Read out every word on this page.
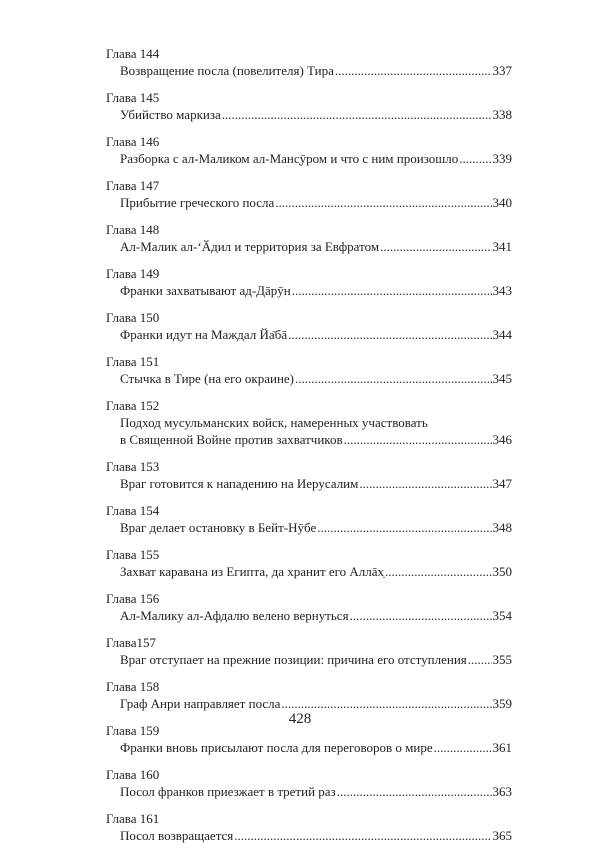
Глава 144
Возвращение посла (повелителя) Тира .....	337
Глава 145
Убийство маркиза .....	338
Глава 146
Разборка с ал-Маликом ал-Манс̣ӯром и что с ним произошло .....	339
Глава 147
Прибытие греческого посла .....	340
Глава 148
Ал-Малик ал-‘Ӑдил и территория за Евфратом .....	341
Глава 149
Франки захватывают ад-Дāрӯн .....	343
Глава 150
Франки идут на Маждал Йа̄бā .....	344
Глава 151
Стычка в Тире (на его окраине) .....	345
Глава 152
Подход мусульманских войск, намеренных участвовать
в Священной Войне против захватчиков .....	346
Глава 153
Враг готовится к нападению на Иерусалим .....	347
Глава 154
Враг делает остановку в Бейт-Нӯбе .....	348
Глава 155
Захват каравана из Египта, да хранит его Аллāх̣ .....	350
Глава 156
Ал-Малику ал-Афдалю велено вернуться .....	354
Глава157
Враг отступает на прежние позиции: причина его отступления ..... 355
Глава 158
Граф Анри направляет посла .....	359
Глава 159
Франки вновь присылают посла для переговоров о мире .....	361
Глава 160
Посол франков приезжает в третий раз .....	363
Глава 161
Посол возвращается .....	365
428
